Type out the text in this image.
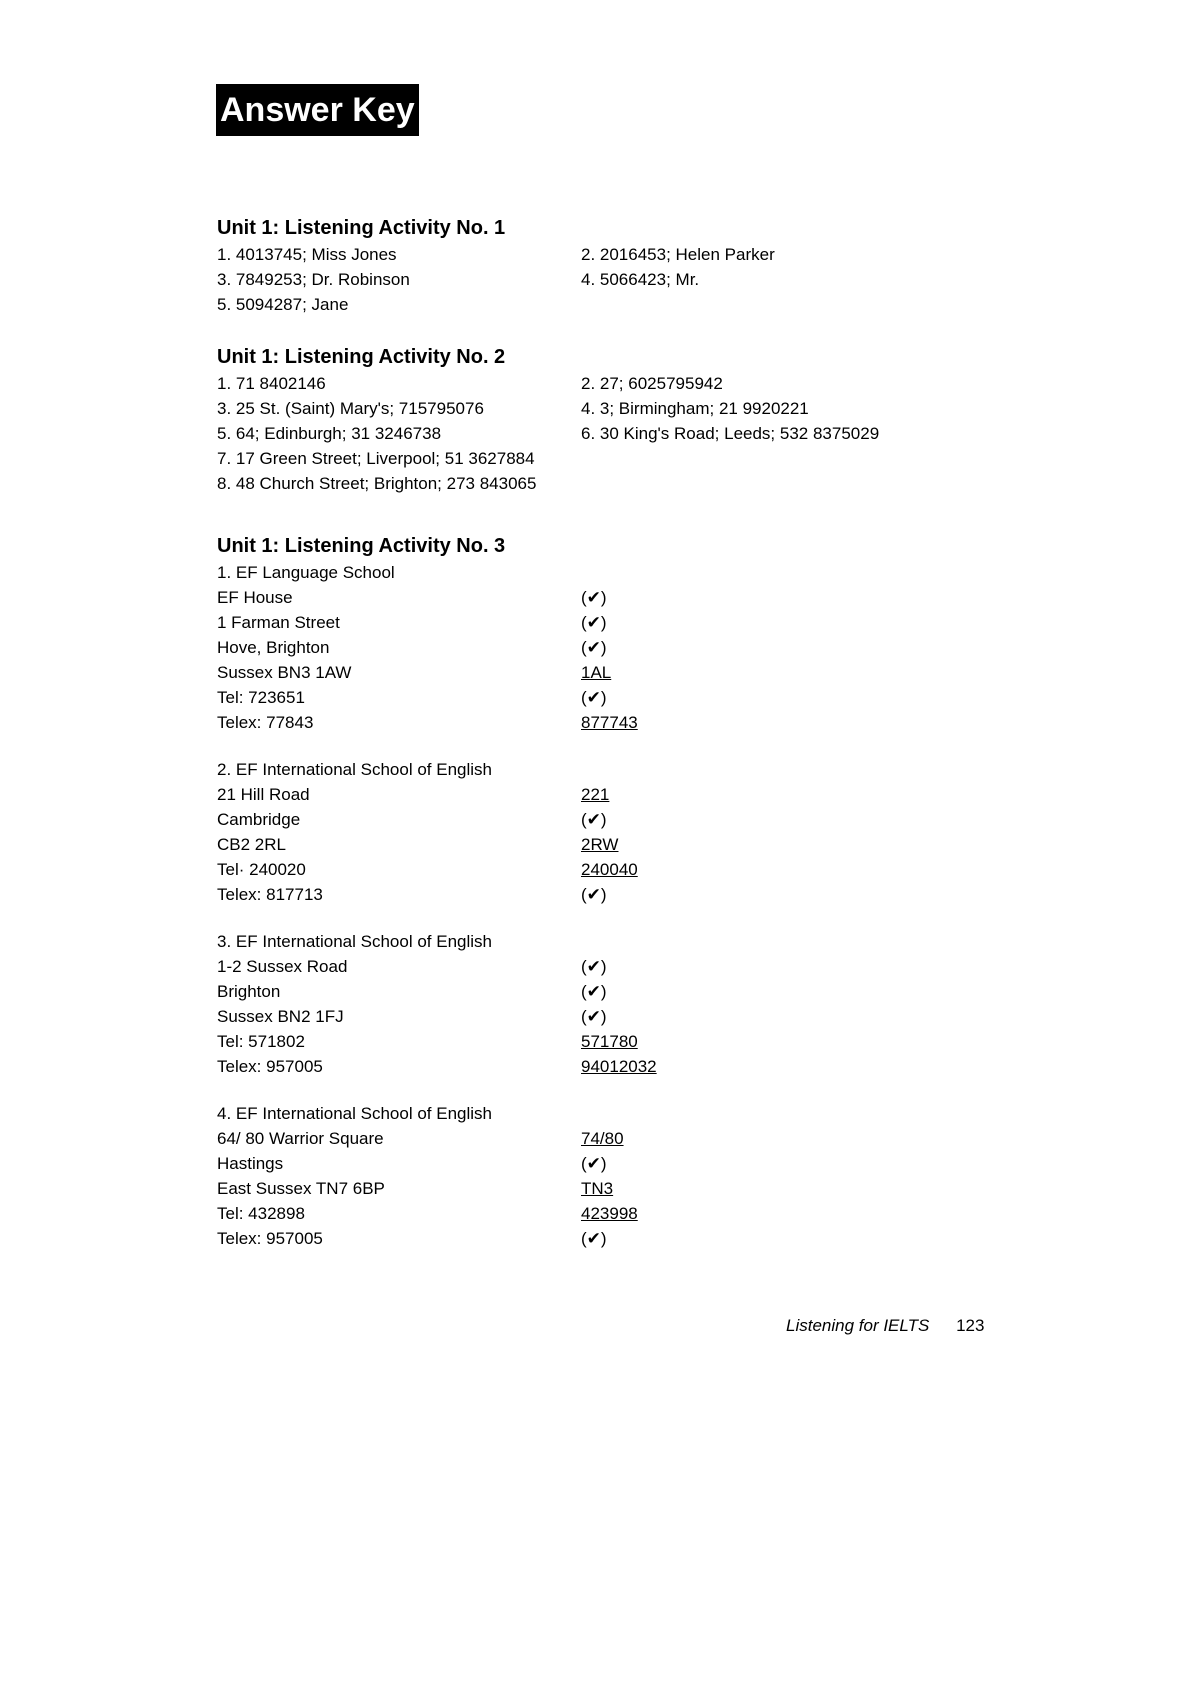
Answer Key
Unit 1: Listening Activity No. 1
1. 4013745; Miss Jones	2. 2016453; Helen Parker
3. 7849253; Dr. Robinson	4. 5066423; Mr.
5. 5094287; Jane
Unit 1: Listening Activity No. 2
1. 71 8402146	2. 27; 6025795942
3. 25 St. (Saint) Mary's; 715795076	4. 3; Birmingham; 21 9920221
5. 64; Edinburgh; 31 3246738	6. 30 King's Road; Leeds; 532 8375029
7. 17 Green Street; Liverpool; 51 3627884
8. 48 Church Street; Brighton; 273 843065
Unit 1: Listening Activity No. 3
1. EF Language School
EF House	(✔)
1 Farman Street	(✔)
Hove, Brighton	(✔)
Sussex BN3 1AW	1AL
Tel: 723651	(✔)
Telex: 77843	877743
2. EF International School of English
21 Hill Road	221
Cambridge	(✔)
CB2 2RL	2RW
Tel· 240020	240040
Telex: 817713	(✔)
3. EF International School of English
1-2 Sussex Road	(✔)
Brighton	(✔)
Sussex BN2 1FJ	(✔)
Tel: 571802	571780
Telex: 957005	94012032
4. EF International School of English
64/ 80 Warrior Square	74/80
Hastings	(✔)
East Sussex TN7 6BP	TN3
Tel: 432898	423998
Telex: 957005	(✔)
Listening for IELTS 123
